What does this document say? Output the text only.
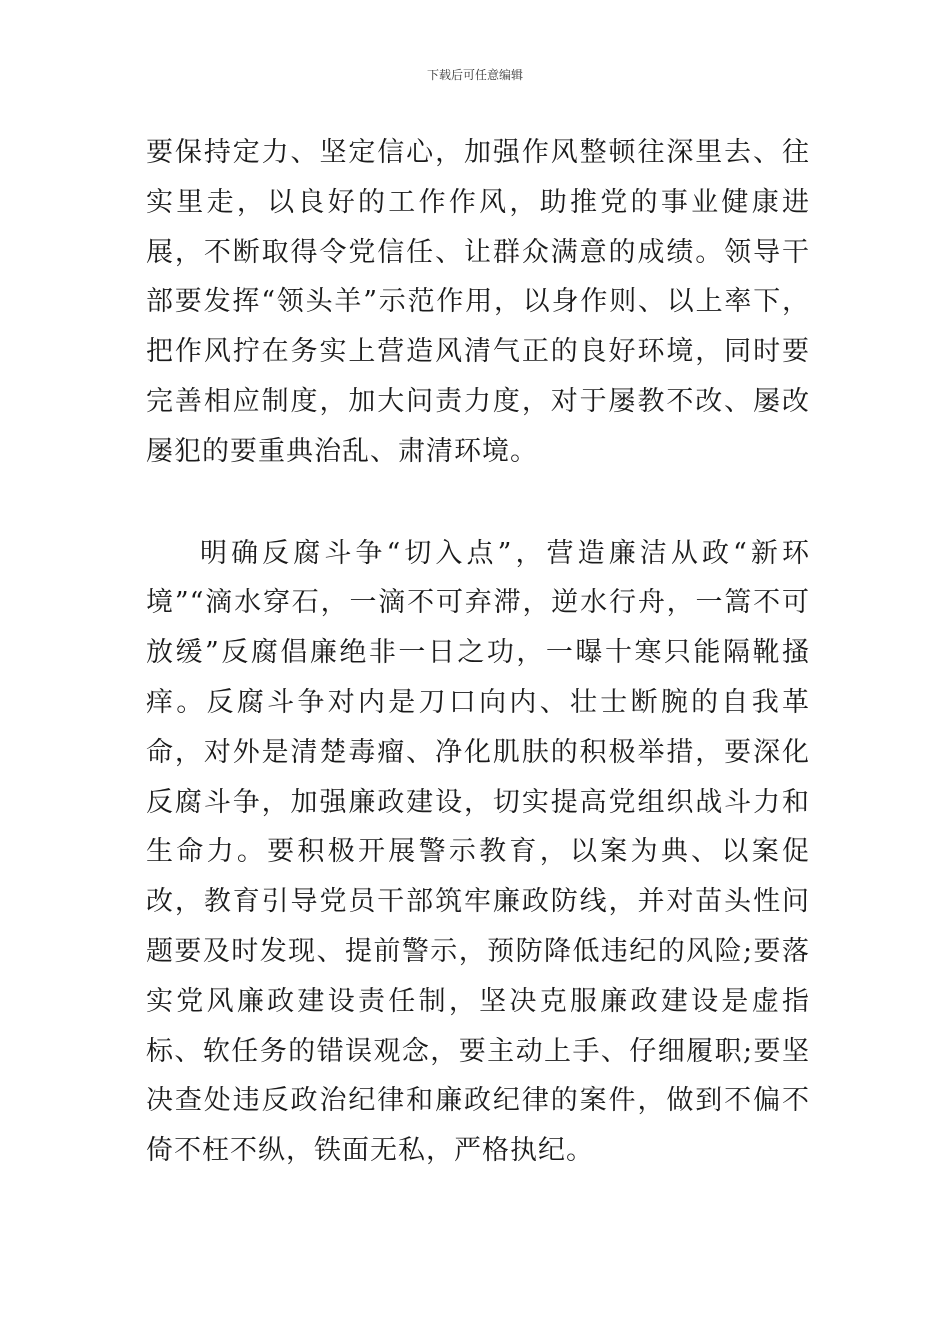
下载后可任意编辑

要保持定力、坚定信心，加强作风整顿往深里去、往实里走，以良好的工作作风，助推党的事业健康进展，不断取得令党信任、让群众满意的成绩。领导干部要发挥“领头羊”示范作用，以身作则、以上率下，把作风拧在务实上营造风清气正的良好环境，同时要完善相应制度，加大问责力度，对于屡教不改、屡改屡犯的要重典治乱、肃清环境。

明确反腐斗争“切入点”，营造廉洁从政“新环境”“滴水穿石，一滴不可弃滞，逆水行舟，一篙不可放缓”反腐倡廉绝非一日之功，一曝十寒只能隔靴搔痒。反腐斗争对内是刀口向内、壮士断腕的自我革命，对外是清楚毒瘤、净化肌肤的积极举措，要深化反腐斗争，加强廉政建设，切实提高党组织战斗力和生命力。要积极开展警示教育，以案为典、以案促改，教育引导党员干部筑牢廉政防线，并对苗头性问题要及时发现、提前警示，预防降低违纪的风险;要落实党风廉政建设责任制，坚决克服廉政建设是虚指标、软任务的错误观念，要主动上手、仔细履职;要坚决查处违反政治纪律和廉政纪律的案件，做到不偏不倚不枉不纵，铁面无私，严格执纪。
